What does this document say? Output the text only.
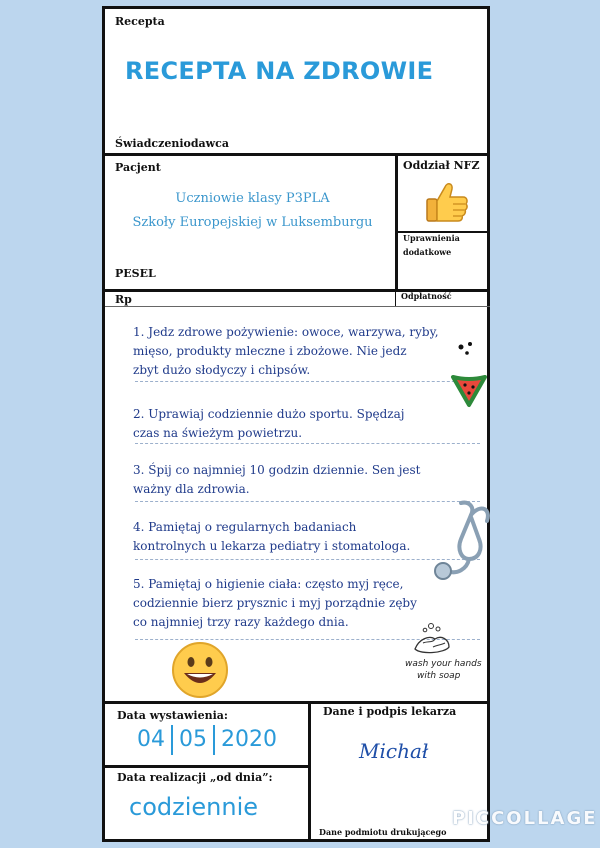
Recepta
RECEPTA NA ZDROWIE
Świadczeniodawca
Pacjent
Uczniowie klasy P3PLA
Szkoły Europejskiej w Luksemburgu
PESEL
Oddział NFZ
Uprawnienia
dodatkowe
Rp	Odpłatność
1. Jedz zdrowe pożywienie: owoce, warzywa, ryby,
mięso, produkty mleczne i zbożowe. Nie jedz
zbyt dużo słodyczy i chipsów.
2. Uprawiaj codziennie dużo sportu. Spędzaj
czas na świeżym powietrzu.
3. Śpij co najmniej 10 godzin dziennie. Sen jest
ważny dla zdrowia.
4. Pamiętaj o regularnych badaniach
kontrolnych u lekarza pediatry i stomatologa.
5. Pamiętaj o higienie ciała: często myj ręce,
codziennie bierz prysznic i myj porządnie zęby
co najmniej trzy razy każdego dnia.
wash your hands
with soap
Data wystawienia:
04 05 2020
Dane i podpis lekarza
Michał
Data realizacji „od dnia”:
codziennie
Dane podmiotu drukującego
PICCOLLAGE
